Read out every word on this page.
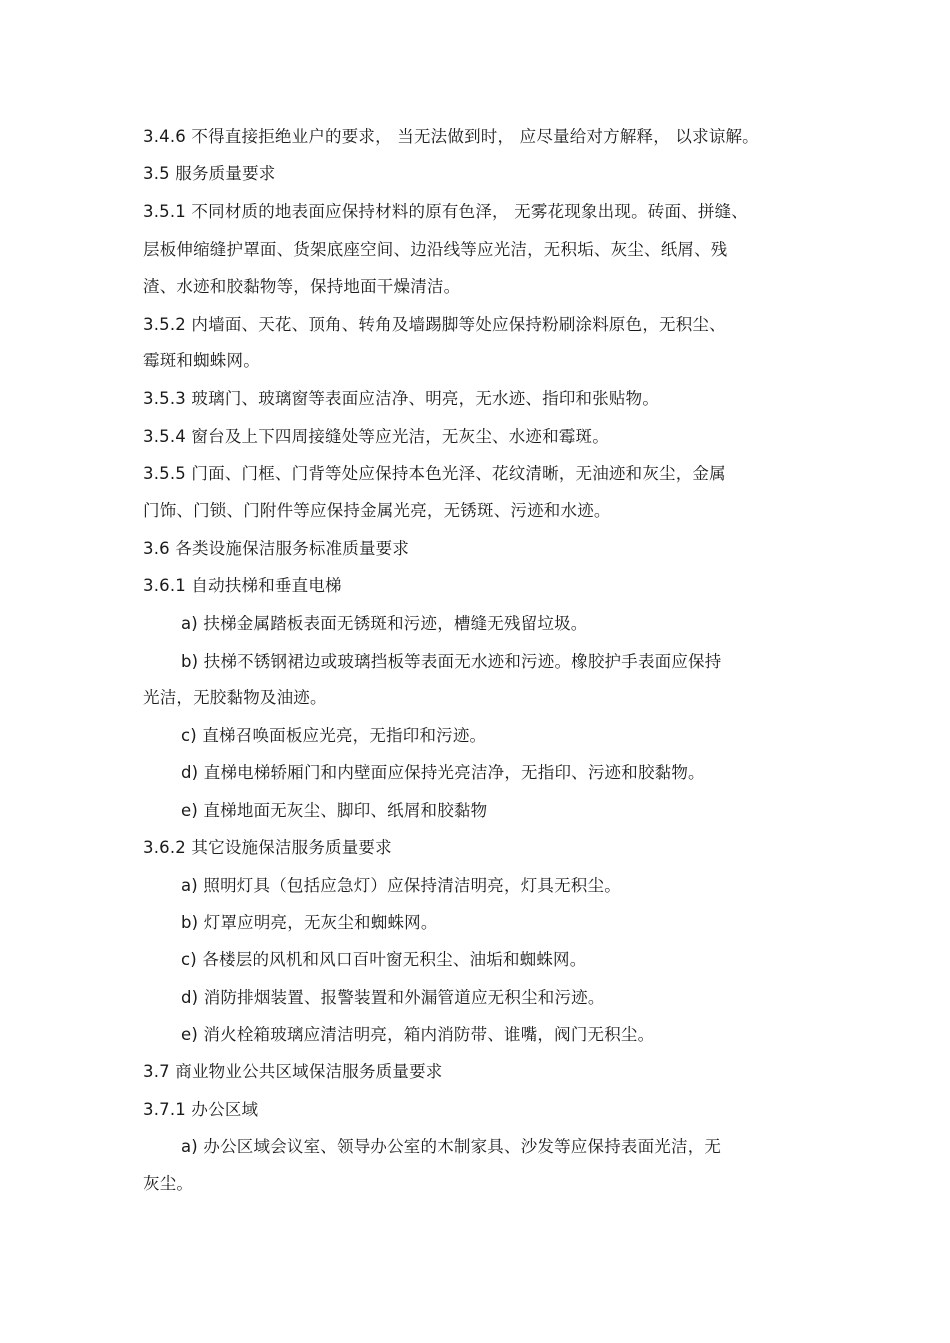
3.4.6 不得直接拒绝业户的要求， 当无法做到时， 应尽量给对方解释， 以求谅解。
3.5 服务质量要求
3.5.1 不同材质的地表面应保持材料的原有色泽， 无雾花现象出现。砖面、拼缝、
层板伸缩缝护罩面、货架底座空间、边沿线等应光洁，无积垢、灰尘、纸屑、残
渣、水迹和胶黏物等，保持地面干燥清洁。
3.5.2 内墙面、天花、顶角、转角及墙踢脚等处应保持粉刷涂料原色，无积尘、
霉斑和蜘蛛网。
3.5.3 玻璃门、玻璃窗等表面应洁净、明亮，无水迹、指印和张贴物。
3.5.4 窗台及上下四周接缝处等应光洁，无灰尘、水迹和霉斑。
3.5.5 门面、门框、门背等处应保持本色光泽、花纹清晰，无油迹和灰尘，金属
门饰、门锁、门附件等应保持金属光亮，无锈斑、污迹和水迹。
3.6 各类设施保洁服务标准质量要求
3.6.1 自动扶梯和垂直电梯
a) 扶梯金属踏板表面无锈斑和污迹，槽缝无残留垃圾。
b) 扶梯不锈钢裙边或玻璃挡板等表面无水迹和污迹。橡胶护手表面应保持
光洁，无胶黏物及油迹。
c) 直梯召唤面板应光亮，无指印和污迹。
d) 直梯电梯轿厢门和内壁面应保持光亮洁净，无指印、污迹和胶黏物。
e) 直梯地面无灰尘、脚印、纸屑和胶黏物
3.6.2 其它设施保洁服务质量要求
a) 照明灯具（包括应急灯）应保持清洁明亮，灯具无积尘。
b) 灯罩应明亮，无灰尘和蜘蛛网。
c) 各楼层的风机和风口百叶窗无积尘、油垢和蜘蛛网。
d) 消防排烟装置、报警装置和外漏管道应无积尘和污迹。
e) 消火栓箱玻璃应清洁明亮，箱内消防带、谁嘴，阀门无积尘。
3.7 商业物业公共区域保洁服务质量要求
3.7.1 办公区域
a) 办公区域会议室、领导办公室的木制家具、沙发等应保持表面光洁，无
灰尘。
